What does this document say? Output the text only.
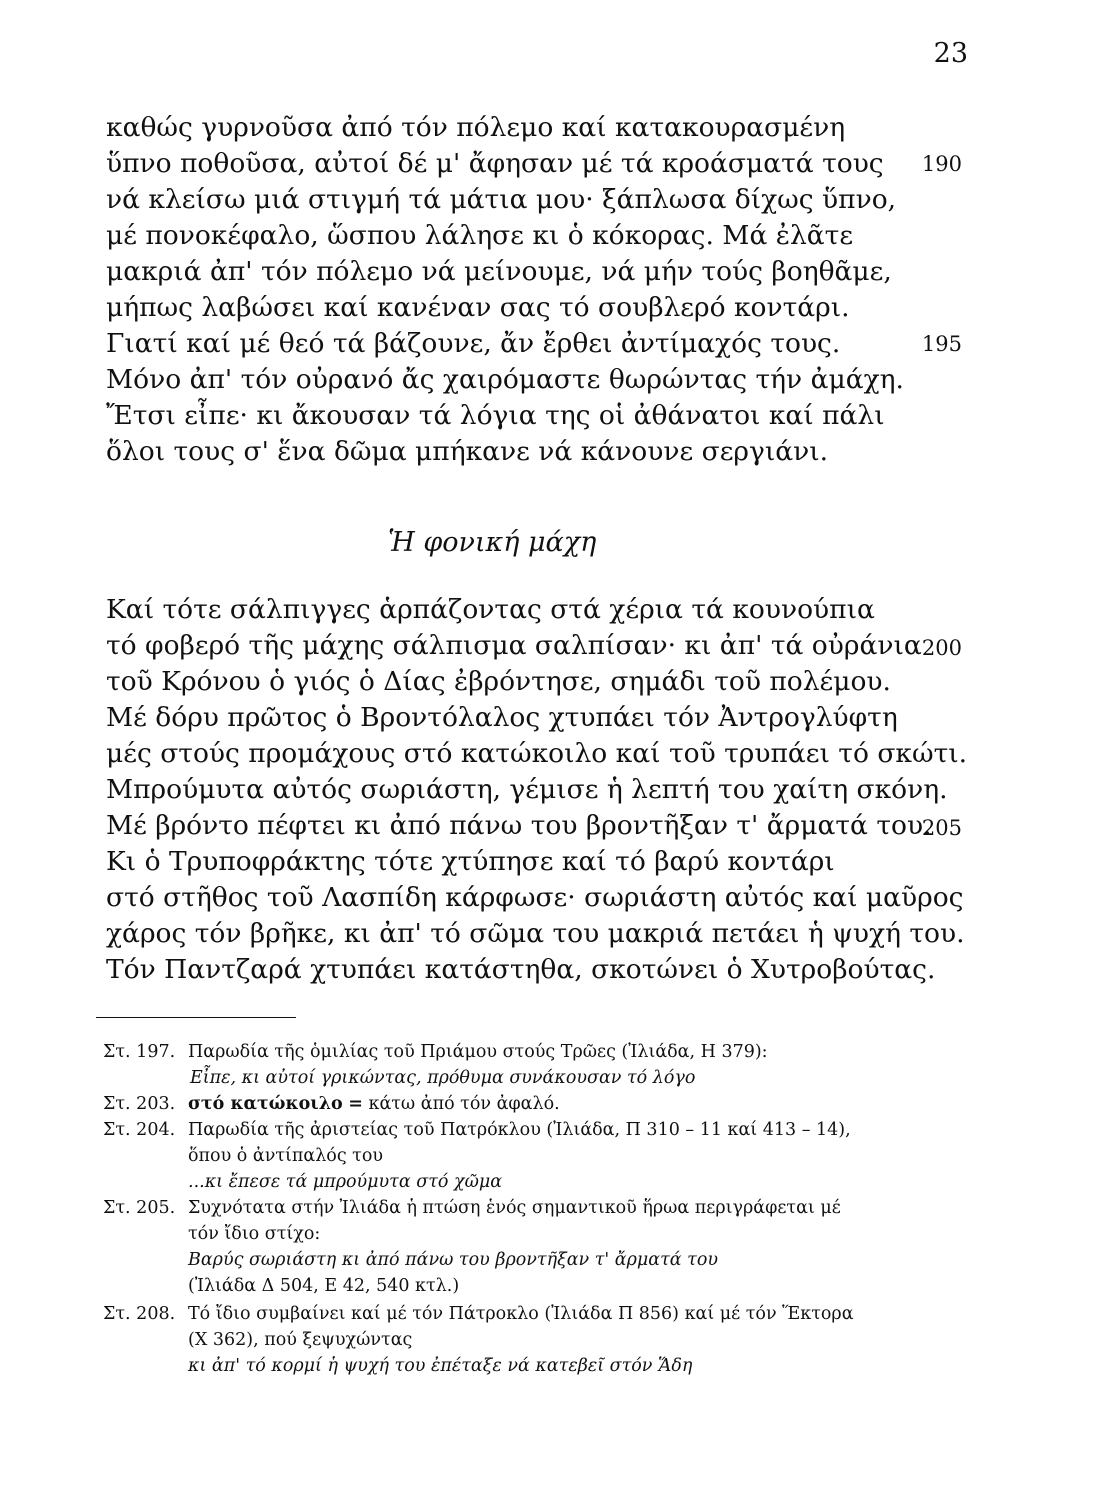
23
καθώς γυρνοῦσα ἀπό τόν πόλεμο καί κατακουρασμένη
ὕπνο ποθοῦσα, αὐτοί δέ μ' ἄφησαν μέ τά κροάσματά τους
νά κλείσω μιά στιγμή τά μάτια μου· ξάπλωσα δίχως ὕπνο,
μέ πονοκέφαλο, ὥσπου λάλησε κι ὁ κόκορας. Μά ἐλᾶτε
μακριά ἀπ' τόν πόλεμο νά μείνουμε, νά μήν τούς βοηθᾶμε,
μήπως λαβώσει καί κανέναν σας τό σουβλερό κοντάρι.
Γιατί καί μέ θεό τά βάζουνε, ἄν ἔρθει ἀντίμαχός τους.
Μόνο ἀπ' τόν οὐρανό ἄς χαιρόμαστε θωρώντας τήν ἀμάχη.
Ἔτσι εἶπε· κι ἄκουσαν τά λόγια της οἱ ἀθάνατοι καί πάλι
ὅλοι τους σ' ἕνα δῶμα μπήκανε νά κάνουνε σεργιάνι.
190
195
Ἡ φονική μάχη
Καί τότε σάλπιγγες ἁρπάζοντας στά χέρια τά κουνούπια
τό φοβερό τῆς μάχης σάλπισμα σαλπίσαν· κι ἀπ' τά οὐράνια
τοῦ Κρόνου ὁ γιός ὁ Δίας ἐβρόντησε, σημάδι τοῦ πολέμου.
Μέ δόρυ πρῶτος ὁ Βροντόλαλος χτυπάει τόν Ἀντρογλύφτη
μές στούς προμάχους στό κατώκοιλο καί τοῦ τρυπάει τό σκώτι.
Μπρούμυτα αὐτός σωριάστη, γέμισε ἡ λεπτή του χαίτη σκόνη.
Μέ βρόντο πέφτει κι ἀπό πάνω του βροντῆξαν τ' ἄρματά του.
Κι ὁ Τρυποφράκτης τότε χτύπησε καί τό βαρύ κοντάρι
στό στῆθος τοῦ Λασπίδη κάρφωσε· σωριάστη αὐτός καί μαῦρος
χάρος τόν βρῆκε, κι ἀπ' τό σῶμα του μακριά πετάει ἡ ψυχή του.
Τόν Παντζαρά χτυπάει κατάστηθα, σκοτώνει ὁ Χυτροβούτας.
200
205
Στ. 197. Παρωδία τῆς ὁμιλίας τοῦ Πριάμου στούς Τρῶες (Ἰλιάδα, Η 379):
Εἶπε, κι αὐτοί γρικώντας, πρόθυμα συνάκουσαν τό λόγο
Στ. 203. στό κατώκοιλο = κάτω ἀπό τόν ἀφαλό.
Στ. 204. Παρωδία τῆς ἀριστείας τοῦ Πατρόκλου (Ἰλιάδα, Π 310 – 11 καί 413 – 14),
ὅπου ὁ ἀντίπαλός του
...κι ἔπεσε τά μπρούμυτα στό χῶμα
Στ. 205. Συχνότατα στήν Ἰλιάδα ἡ πτώση ἑνός σημαντικοῦ ἥρωα περιγράφεται μέ
τόν ἴδιο στίχο:
Βαρύς σωριάστη κι ἀπό πάνω του βροντῆξαν τ' ἄρματά του
(Ἰλιάδα Δ 504, Ε 42, 540 κτλ.)
Στ. 208. Τό ἴδιο συμβαίνει καί μέ τόν Πάτροκλο (Ἰλιάδα Π 856) καί μέ τόν Ἕκτορα
(Χ 362), πού ξεψυχώντας
κι ἀπ' τό κορμί ἡ ψυχή του ἐπέταξε νά κατεβεῖ στόν Ἅδη
